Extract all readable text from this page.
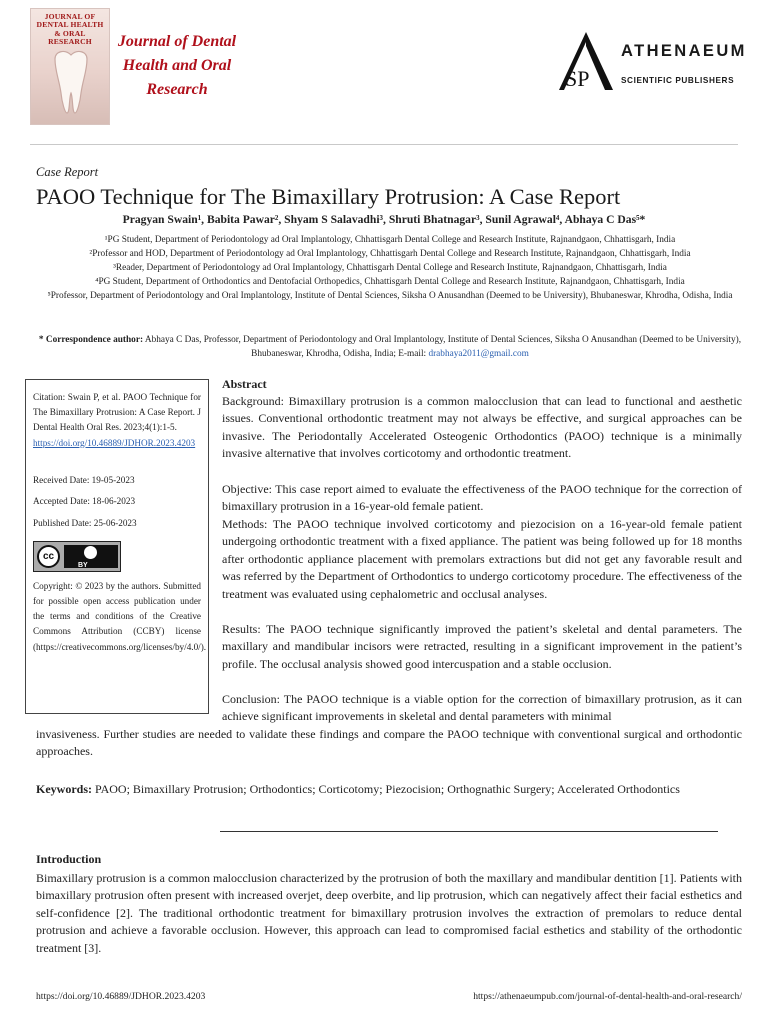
JOURNAL OF DENTAL HEALTH & ORAL RESEARCH	Journal of Dental Health and Oral Research	SP
ATHENAEUM
SCIENTIFIC PUBLISHERS
Case Report
PAOO Technique for The Bimaxillary Protrusion: A Case Report
Pragyan Swain¹, Babita Pawar², Shyam S Salavadhi³, Shruti Bhatnagar³, Sunil Agrawal⁴, Abhaya C Das⁵*
¹PG Student, Department of Periodontology ad Oral Implantology, Chhattisgarh Dental College and Research Institute, Rajnandgaon, Chhattisgarh, India
²Professor and HOD, Department of Periodontology ad Oral Implantology, Chhattisgarh Dental College and Research Institute, Rajnandgaon, Chhattisgarh, India
³Reader, Department of Periodontology ad Oral Implantology, Chhattisgarh Dental College and Research Institute, Rajnandgaon, Chhattisgarh, India
⁴PG Student, Department of Orthodontics and Dentofacial Orthopedics, Chhattisgarh Dental College and Research Institute, Rajnandgaon, Chhattisgarh, India
⁵Professor, Department of Periodontology and Oral Implantology, Institute of Dental Sciences, Siksha O Anusandhan (Deemed to be University), Bhubaneswar, Khrodha, Odisha, India
* Correspondence author: Abhaya C Das, Professor, Department of Periodontology and Oral Implantology, Institute of Dental Sciences, Siksha O Anusandhan (Deemed to be University), Bhubaneswar, Khrodha, Odisha, India; E-mail: drabhaya2011@gmail.com
Citation: Swain P, et al. PAOO Technique for The Bimaxillary Protrusion: A Case Report. J Dental Health Oral Res. 2023;4(1):1-5.
https://doi.org/10.46889/JDHOR.2023.4203
Received Date: 19-05-2023
Accepted Date: 18-06-2023
Published Date: 25-06-2023
cc
BY
Copyright: © 2023 by the authors. Submitted for possible open access publication under the terms and conditions of the Creative Commons Attribution (CCBY) license (https://creativecommons.org/licenses/by/4.0/).
Abstract
Background: Bimaxillary protrusion is a common malocclusion that can lead to functional and aesthetic issues. Conventional orthodontic treatment may not always be effective, and surgical approaches can be invasive. The Periodontally Accelerated Osteogenic Orthodontics (PAOO) technique is a minimally invasive alternative that involves corticotomy and orthodontic treatment.
Objective: This case report aimed to evaluate the effectiveness of the PAOO technique for the correction of bimaxillary protrusion in a 16-year-old female patient.
Methods: The PAOO technique involved corticotomy and piezocision on a 16-year-old female patient undergoing orthodontic treatment with a fixed appliance. The patient was being followed up for 18 months after orthodontic appliance placement with premolars extractions but did not get any favorable result and was referred by the Department of Orthodontics to undergo corticotomy procedure. The effectiveness of the treatment was evaluated using cephalometric and occlusal analyses.
Results: The PAOO technique significantly improved the patient’s skeletal and dental parameters. The maxillary and mandibular incisors were retracted, resulting in a significant improvement in the patient’s profile. The occlusal analysis showed good intercuspation and a stable occlusion.
Conclusion: The PAOO technique is a viable option for the correction of bimaxillary protrusion, as it can achieve significant improvements in skeletal and dental parameters with minimal
invasiveness. Further studies are needed to validate these findings and compare the PAOO technique with conventional surgical and orthodontic approaches.
Keywords: PAOO; Bimaxillary Protrusion; Orthodontics; Corticotomy; Piezocision; Orthognathic Surgery; Accelerated Orthodontics
Introduction
Bimaxillary protrusion is a common malocclusion characterized by the protrusion of both the maxillary and mandibular dentition [1]. Patients with bimaxillary protrusion often present with increased overjet, deep overbite, and lip protrusion, which can negatively affect their facial esthetics and self-confidence [2]. The traditional orthodontic treatment for bimaxillary protrusion involves the extraction of premolars to reduce dental protrusion and achieve a favorable occlusion. However, this approach can lead to compromised facial esthetics and stability of the orthodontic treatment [3].
https://doi.org/10.46889/JDHOR.2023.4203	https://athenaeumpub.com/journal-of-dental-health-and-oral-research/
